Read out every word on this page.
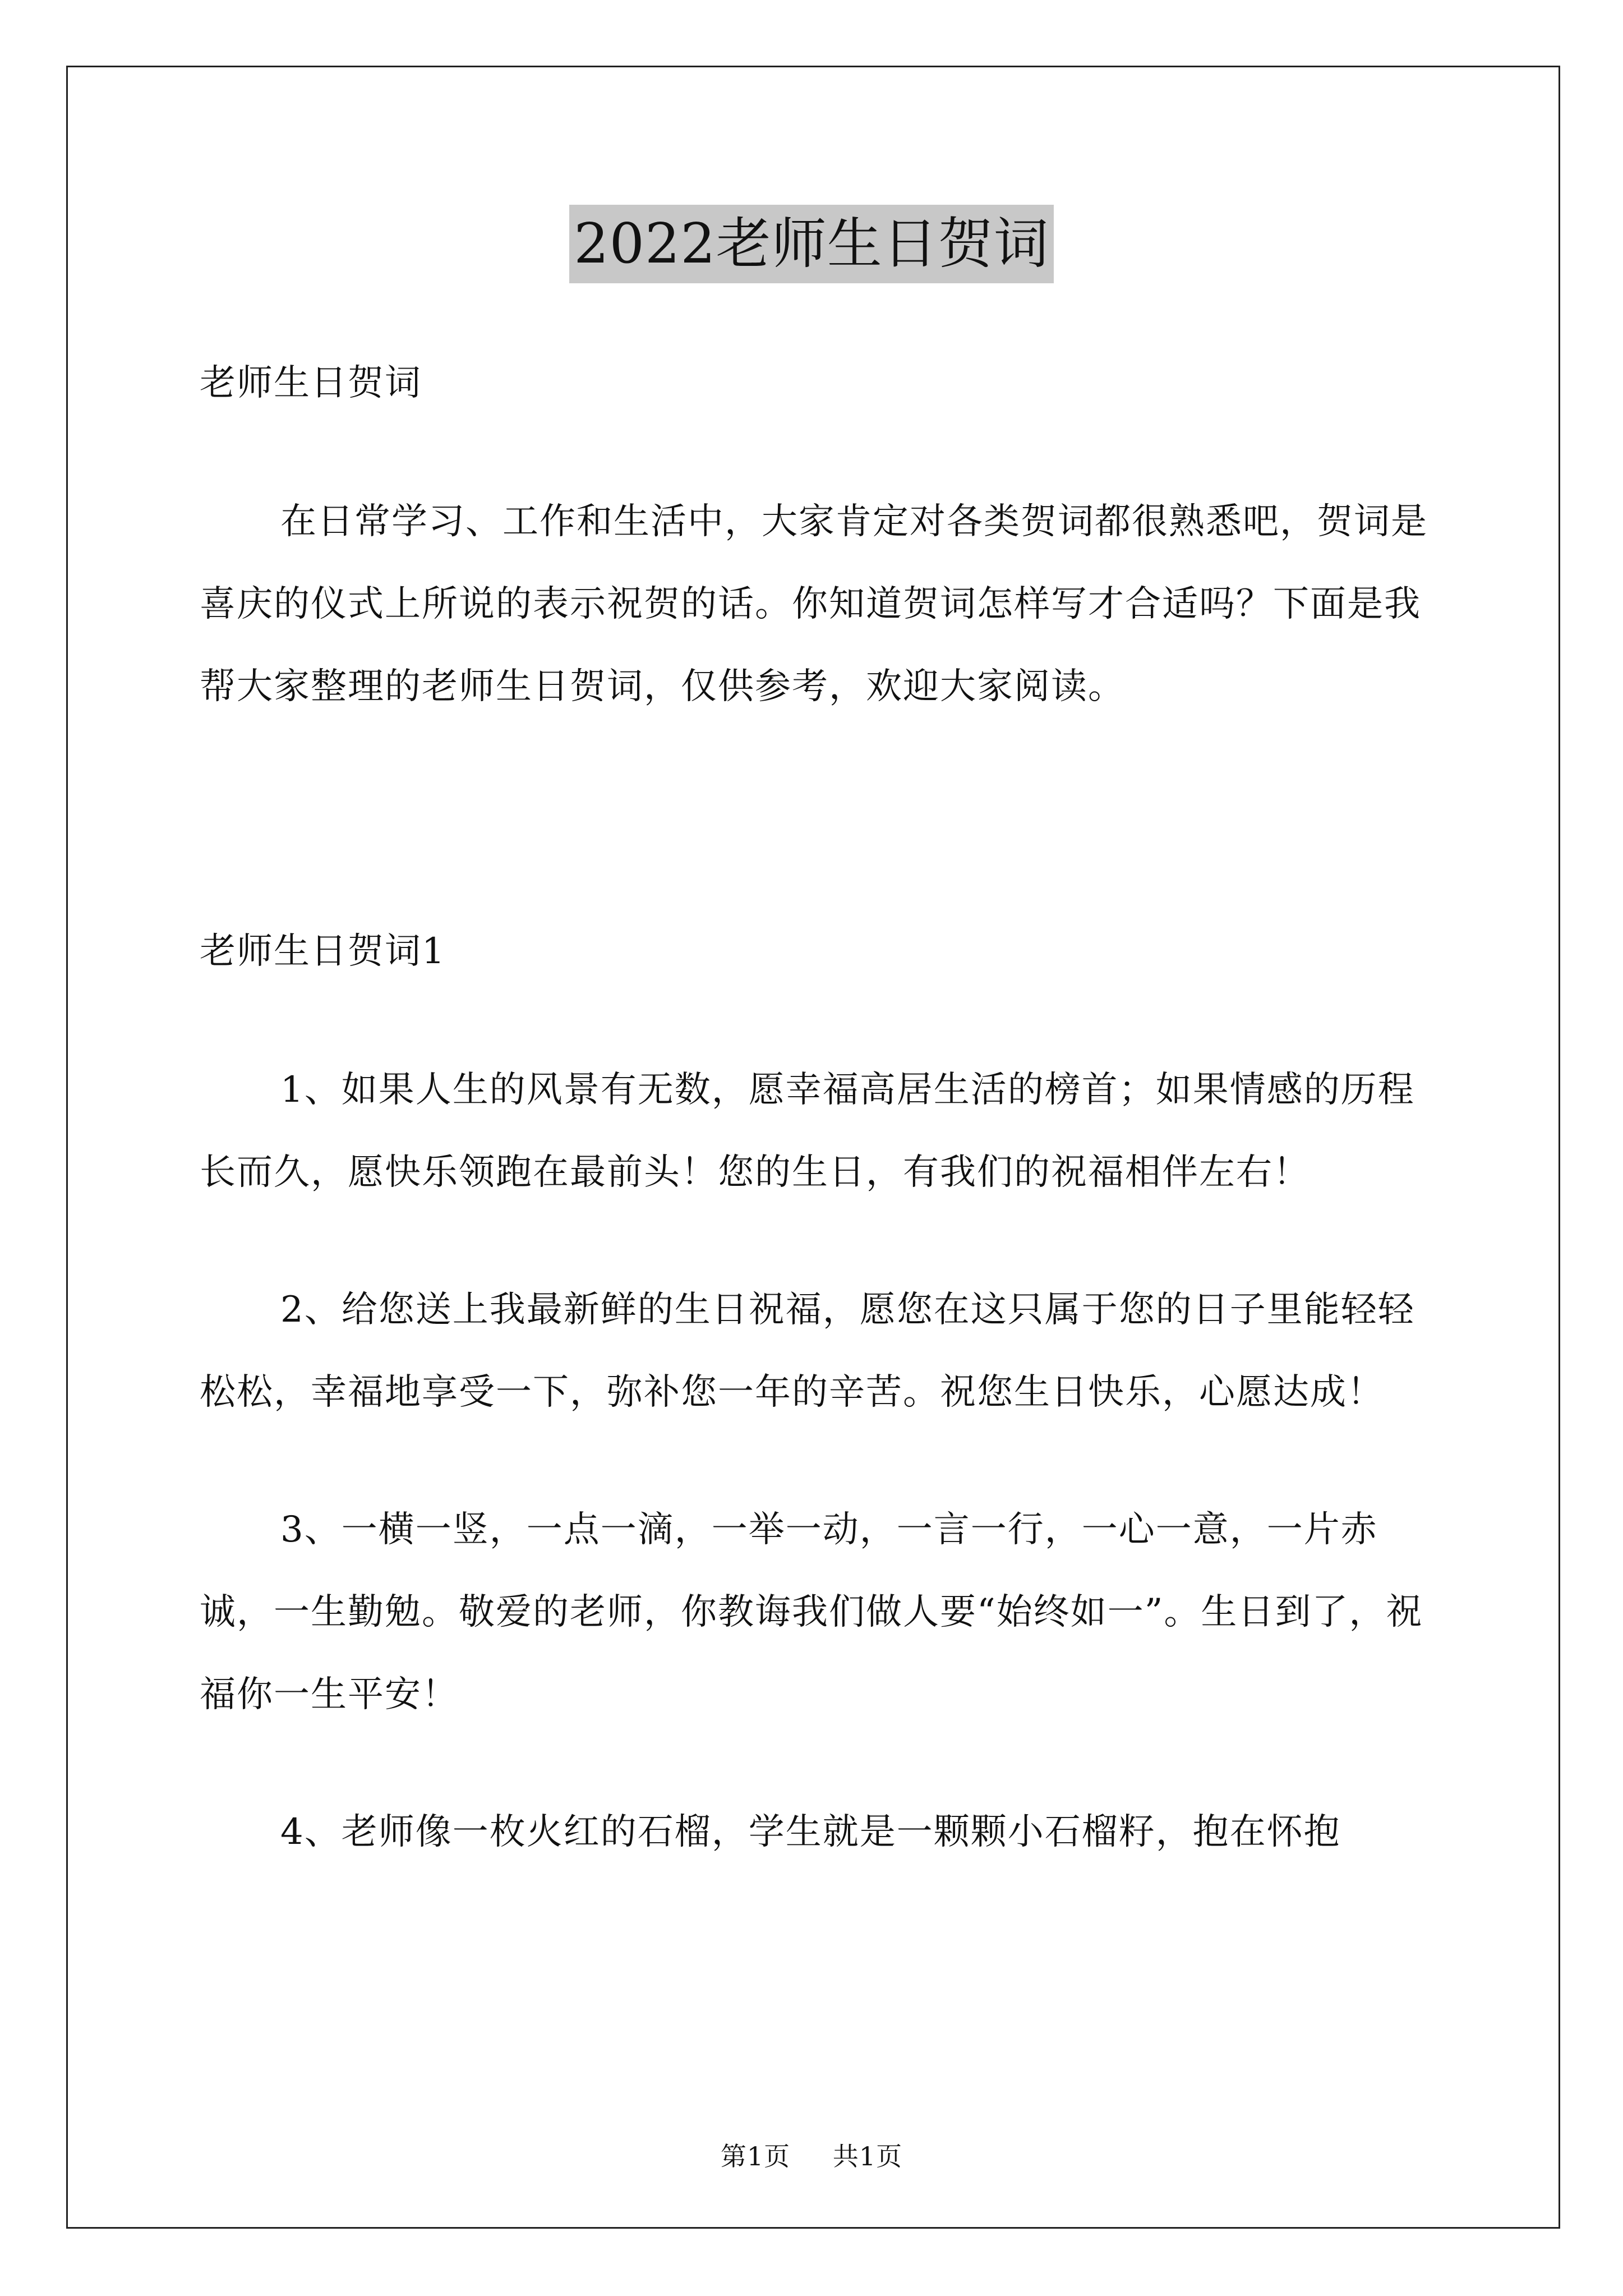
2022老师生日贺词

老师生日贺词

在日常学习、工作和生活中，大家肯定对各类贺词都很熟悉吧，贺词是喜庆的仪式上所说的表示祝贺的话。你知道贺词怎样写才合适吗？下面是我帮大家整理的老师生日贺词，仅供参考，欢迎大家阅读。

老师生日贺词1

1、如果人生的风景有无数，愿幸福高居生活的榜首；如果情感的历程长而久，愿快乐领跑在最前头！您的生日，有我们的祝福相伴左右！

2、给您送上我最新鲜的生日祝福，愿您在这只属于您的日子里能轻轻松松，幸福地享受一下，弥补您一年的辛苦。祝您生日快乐，心愿达成！

3、一横一竖，一点一滴，一举一动，一言一行，一心一意，一片赤诚，一生勤勉。敬爱的老师，你教诲我们做人要“始终如一”。生日到了，祝福你一生平安！

4、老师像一枚火红的石榴，学生就是一颗颗小石榴籽，抱在怀抱

第1页 共1页
